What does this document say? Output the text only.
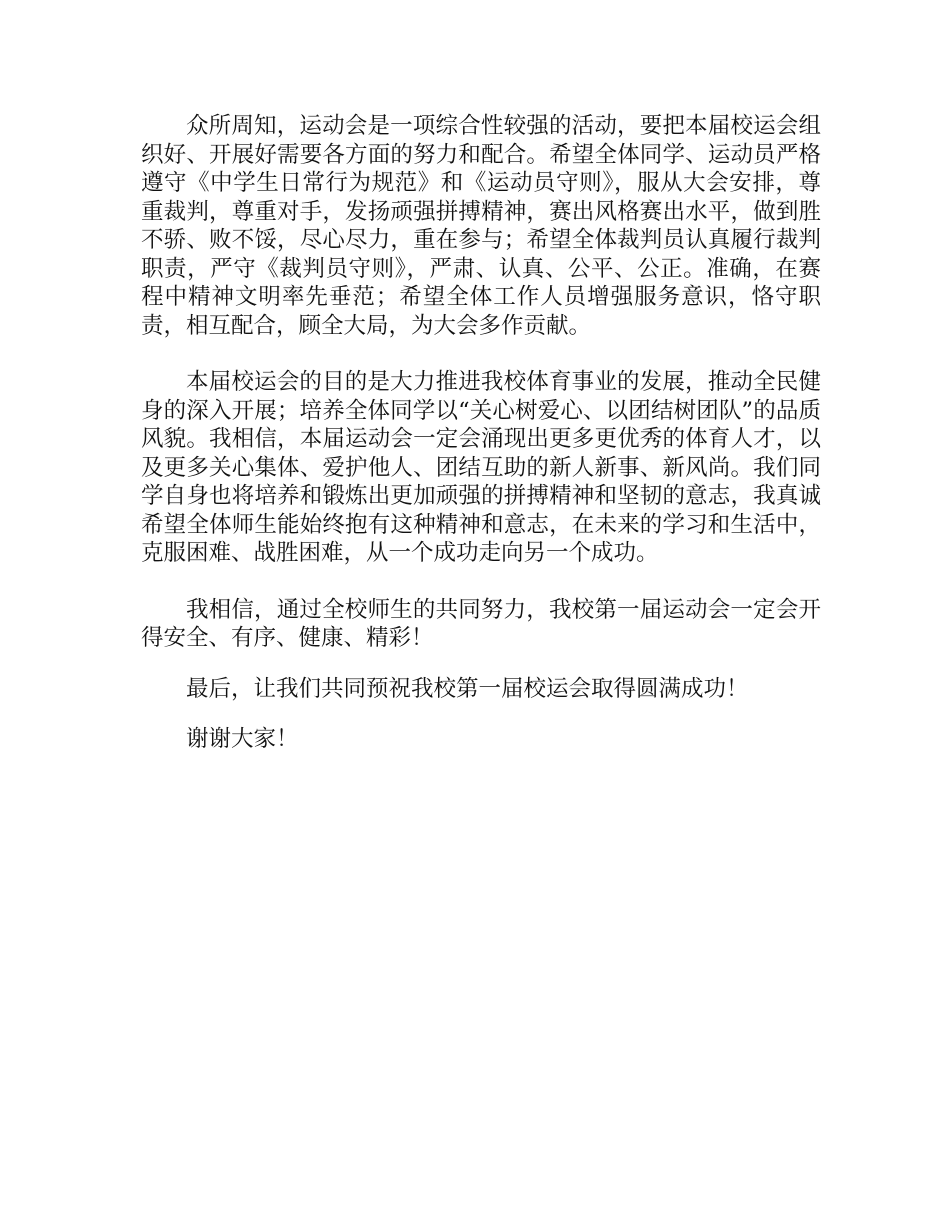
众所周知，运动会是一项综合性较强的活动，要把本届校运会组织好、开展好需要各方面的努力和配合。希望全体同学、运动员严格遵守《中学生日常行为规范》和《运动员守则》，服从大会安排，尊重裁判，尊重对手，发扬顽强拼搏精神，赛出风格赛出水平，做到胜不骄、败不馁，尽心尽力，重在参与；希望全体裁判员认真履行裁判职责，严守《裁判员守则》，严肃、认真、公平、公正。准确，在赛程中精神文明率先垂范；希望全体工作人员增强服务意识，恪守职责，相互配合，顾全大局，为大会多作贡献。

本届校运会的目的是大力推进我校体育事业的发展，推动全民健身的深入开展；培养全体同学以“关心树爱心、以团结树团队”的品质风貌。我相信，本届运动会一定会涌现出更多更优秀的体育人才，以及更多关心集体、爱护他人、团结互助的新人新事、新风尚。我们同学自身也将培养和锻炼出更加顽强的拼搏精神和坚韧的意志，我真诚希望全体师生能始终抱有这种精神和意志，在未来的学习和生活中，克服困难、战胜困难，从一个成功走向另一个成功。

我相信，通过全校师生的共同努力，我校第一届运动会一定会开得安全、有序、健康、精彩！

最后，让我们共同预祝我校第一届校运会取得圆满成功！

谢谢大家！
